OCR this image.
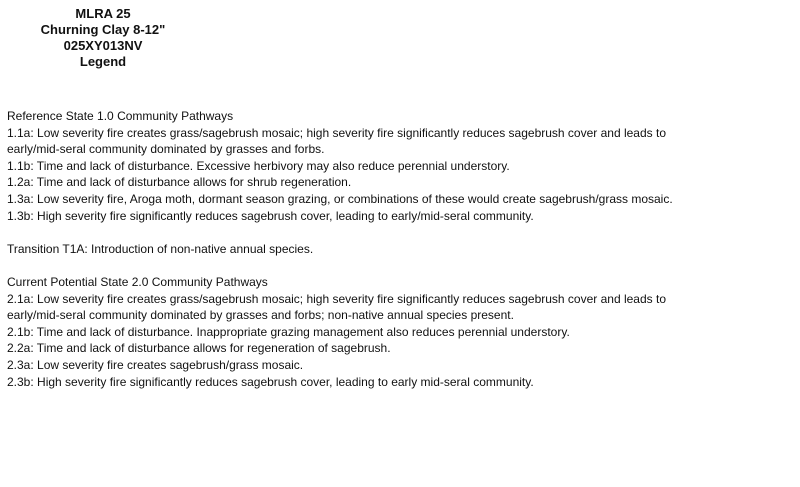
MLRA 25
Churning Clay 8-12"
025XY013NV
Legend
Reference State 1.0 Community Pathways
1.1a: Low severity fire creates grass/sagebrush mosaic; high severity fire significantly reduces sagebrush cover and leads to
early/mid-seral community dominated by grasses and forbs.
1.1b: Time and lack of disturbance. Excessive herbivory may also reduce perennial understory.
1.2a: Time and lack of disturbance allows for shrub regeneration.
1.3a: Low severity fire, Aroga moth, dormant season grazing, or combinations of these would create sagebrush/grass mosaic.
1.3b: High severity fire significantly reduces sagebrush cover, leading to early/mid-seral community.
Transition T1A: Introduction of non-native annual species.
Current Potential State 2.0 Community Pathways
2.1a: Low severity fire creates grass/sagebrush mosaic; high severity fire significantly reduces sagebrush cover and leads to
early/mid-seral community dominated by grasses and forbs; non-native annual species present.
2.1b: Time and lack of disturbance. Inappropriate grazing management also reduces perennial understory.
2.2a: Time and lack of disturbance allows for regeneration of sagebrush.
2.3a: Low severity fire creates sagebrush/grass mosaic.
2.3b: High severity fire significantly reduces sagebrush cover, leading to early mid-seral community.
